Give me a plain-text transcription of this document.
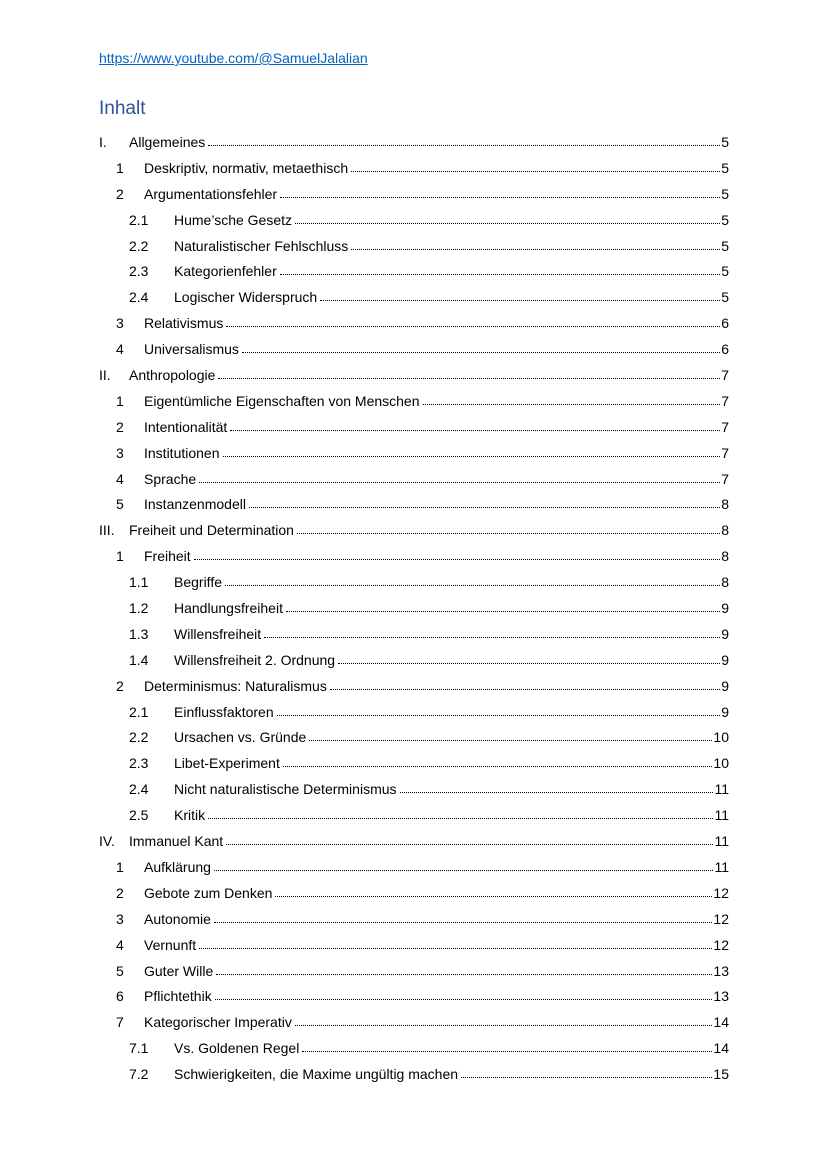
https://www.youtube.com/@SamuelJalalian
Inhalt
I.	Allgemeines	5
1	Deskriptiv, normativ, metaethisch	5
2	Argumentationsfehler	5
2.1	Hume’sche Gesetz	5
2.2	Naturalistischer Fehlschluss	5
2.3	Kategorienfehler	5
2.4	Logischer Widerspruch	5
3	Relativismus	6
4	Universalismus	6
II.	Anthropologie	7
1	Eigentümliche Eigenschaften von Menschen	7
2	Intentionalität	7
3	Institutionen	7
4	Sprache	7
5	Instanzenmodell	8
III.	Freiheit und Determination	8
1	Freiheit	8
1.1	Begriffe	8
1.2	Handlungsfreiheit	9
1.3	Willensfreiheit	9
1.4	Willensfreiheit 2. Ordnung	9
2	Determinismus: Naturalismus	9
2.1	Einflussfaktoren	9
2.2	Ursachen vs. Gründe	10
2.3	Libet-Experiment	10
2.4	Nicht naturalistische Determinismus	11
2.5	Kritik	11
IV.	Immanuel Kant	11
1	Aufklärung	11
2	Gebote zum Denken	12
3	Autonomie	12
4	Vernunft	12
5	Guter Wille	13
6	Pflichtethik	13
7	Kategorischer Imperativ	14
7.1	Vs. Goldenen Regel	14
7.2	Schwierigkeiten, die Maxime ungültig machen	15
